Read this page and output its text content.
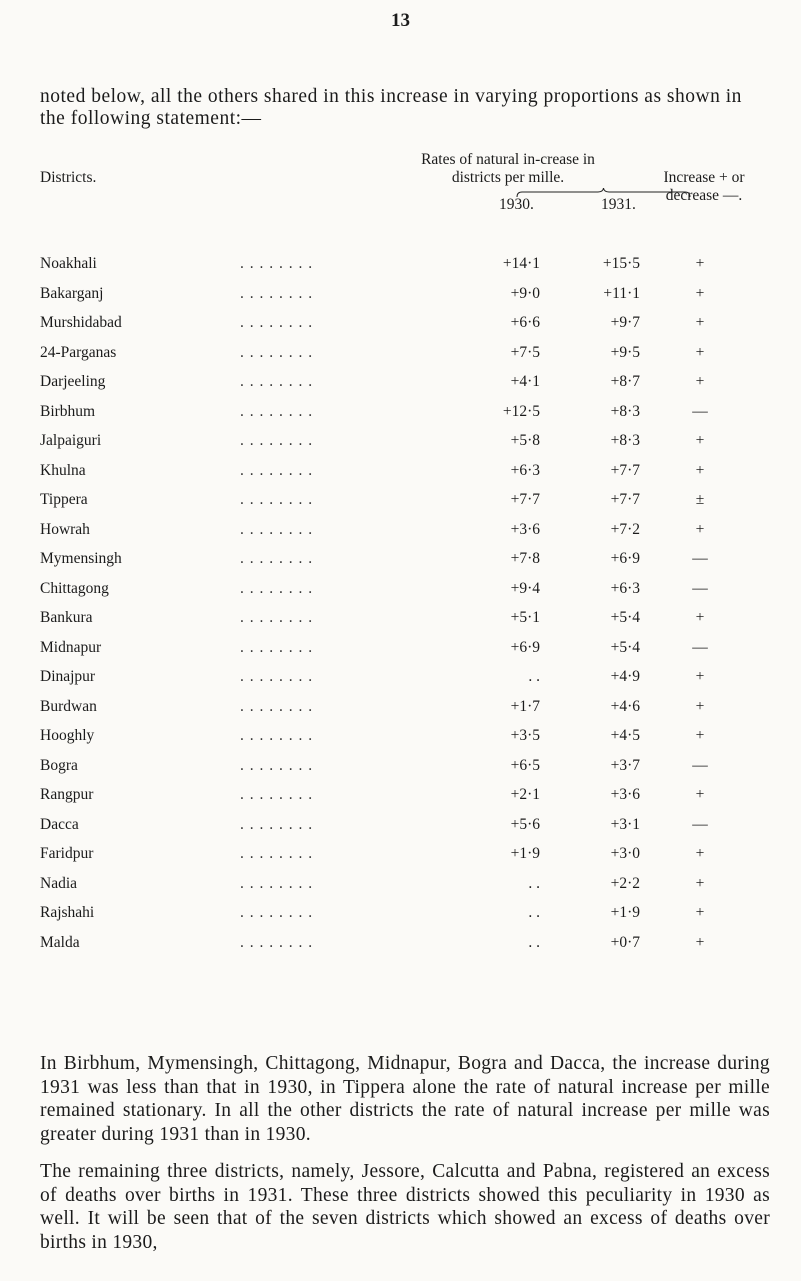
13

noted below, all the others shared in this increase in varying proportions as shown in the following statement:—

Districts.
Rates of natural in-crease in districts per mille.	Increase + or decrease —.
1930.	1931.
Noakhali	. . . . . . . .	+14·1	+15·5	+
Bakarganj	. . . . . . . .	+9·0	+11·1	+
Murshidabad	. . . . . . . .	+6·6	+9·7	+
24-Parganas	. . . . . . . .	+7·5	+9·5	+
Darjeeling	. . . . . . . .	+4·1	+8·7	+
Birbhum	. . . . . . . .	+12·5	+8·3	—
Jalpaiguri	. . . . . . . .	+5·8	+8·3	+
Khulna	. . . . . . . .	+6·3	+7·7	+
Tippera	. . . . . . . .	+7·7	+7·7	±
Howrah	. . . . . . . .	+3·6	+7·2	+
Mymensingh	. . . . . . . .	+7·8	+6·9	—
Chittagong	. . . . . . . .	+9·4	+6·3	—
Bankura	. . . . . . . .	+5·1	+5·4	+
Midnapur	. . . . . . . .	+6·9	+5·4	—
Dinajpur	. . . . . . . .	. .	+4·9	+
Burdwan	. . . . . . . .	+1·7	+4·6	+
Hooghly	. . . . . . . .	+3·5	+4·5	+
Bogra	. . . . . . . .	+6·5	+3·7	—
Rangpur	. . . . . . . .	+2·1	+3·6	+
Dacca	. . . . . . . .	+5·6	+3·1	—
Faridpur	. . . . . . . .	+1·9	+3·0	+
Nadia	. . . . . . . .	. .	+2·2	+
Rajshahi	. . . . . . . .	. .	+1·9	+
Malda	. . . . . . . .	. .	+0·7	+

In Birbhum, Mymensingh, Chittagong, Midnapur, Bogra and Dacca, the increase during 1931 was less than that in 1930, in Tippera alone the rate of natural increase per mille remained stationary. In all the other districts the rate of natural increase per mille was greater during 1931 than in 1930.

The remaining three districts, namely, Jessore, Calcutta and Pabna, registered an excess of deaths over births in 1931. These three districts showed this peculiarity in 1930 as well. It will be seen that of the seven districts which showed an excess of deaths over births in 1930,
